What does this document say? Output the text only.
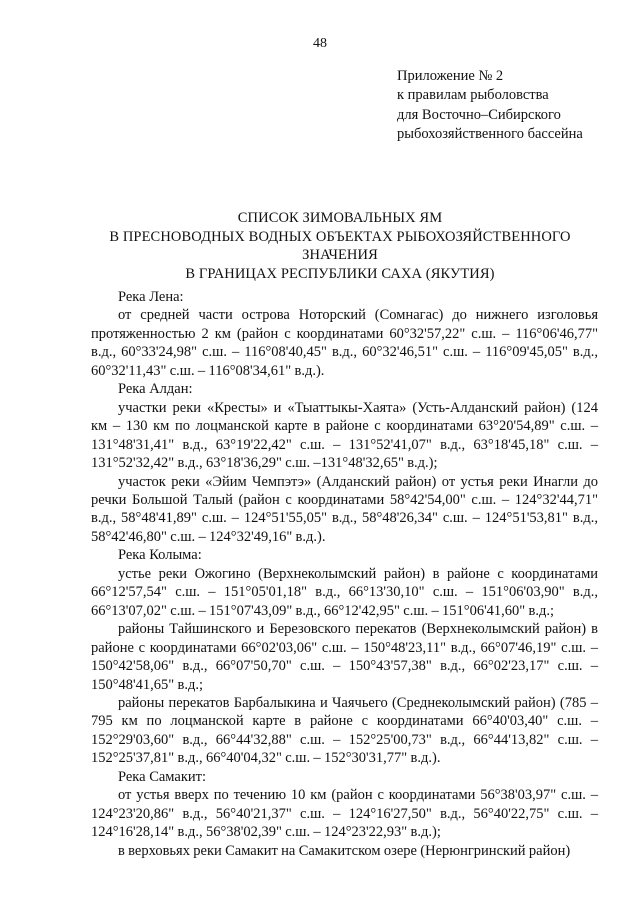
48
Приложение № 2
к правилам рыболовства
для Восточно–Сибирского
рыбохозяйственного бассейна
СПИСОК ЗИМОВАЛЬНЫХ ЯМ
В ПРЕСНОВОДНЫХ ВОДНЫХ ОБЪЕКТАХ РЫБОХОЗЯЙСТВЕННОГО
ЗНАЧЕНИЯ
В ГРАНИЦАХ РЕСПУБЛИКИ САХА (ЯКУТИЯ)

Река Лена:

от средней части острова Ноторский (Сомнагас) до нижнего изголовья протяженностью 2 км (район с координатами 60°32'57,22" с.ш. – 116°06'46,77" в.д., 60°33'24,98" с.ш. – 116°08'40,45" в.д., 60°32'46,51" с.ш. – 116°09'45,05" в.д., 60°32'11,43" с.ш. – 116°08'34,61" в.д.).

Река Алдан:

участки реки «Кресты» и «Тыаттыкы-Хаята» (Усть-Алданский район) (124 км – 130 км по лоцманской карте в районе с координатами 63°20'54,89" с.ш. – 131°48'31,41" в.д., 63°19'22,42" с.ш. – 131°52'41,07" в.д., 63°18'45,18" с.ш. – 131°52'32,42" в.д., 63°18'36,29" с.ш. –131°48'32,65" в.д.);

участок реки «Эйим Чемпэтэ» (Алданский район) от устья реки Инагли до речки Большой Талый (район с координатами 58°42'54,00" с.ш. – 124°32'44,71" в.д., 58°48'41,89" с.ш. – 124°51'55,05" в.д., 58°48'26,34" с.ш. – 124°51'53,81" в.д., 58°42'46,80" с.ш. – 124°32'49,16" в.д.).

Река Колыма:

устье реки Ожогино (Верхнеколымский район) в районе с координатами 66°12'57,54" с.ш. – 151°05'01,18" в.д., 66°13'30,10" с.ш. – 151°06'03,90" в.д., 66°13'07,02" с.ш. – 151°07'43,09" в.д., 66°12'42,95" с.ш. – 151°06'41,60" в.д.;

районы Тайшинского и Березовского перекатов (Верхнеколымский район) в районе с координатами 66°02'03,06" с.ш. – 150°48'23,11" в.д., 66°07'46,19" с.ш. – 150°42'58,06" в.д., 66°07'50,70" с.ш. – 150°43'57,38" в.д., 66°02'23,17" с.ш. – 150°48'41,65" в.д.;

районы перекатов Барбалыкина и Чаячьего (Среднеколымский район) (785 – 795 км по лоцманской карте в районе с координатами 66°40'03,40" с.ш. – 152°29'03,60" в.д., 66°44'32,88" с.ш. – 152°25'00,73" в.д., 66°44'13,82" с.ш. – 152°25'37,81" в.д., 66°40'04,32" с.ш. – 152°30'31,77" в.д.).

Река Самакит:

от устья вверх по течению 10 км (район с координатами 56°38'03,97" с.ш. – 124°23'20,86" в.д., 56°40'21,37" с.ш. – 124°16'27,50" в.д., 56°40'22,75" с.ш. – 124°16'28,14" в.д., 56°38'02,39" с.ш. – 124°23'22,93" в.д.);

в верховьях реки Самакит на Самакитском озере (Нерюнгринский район)
